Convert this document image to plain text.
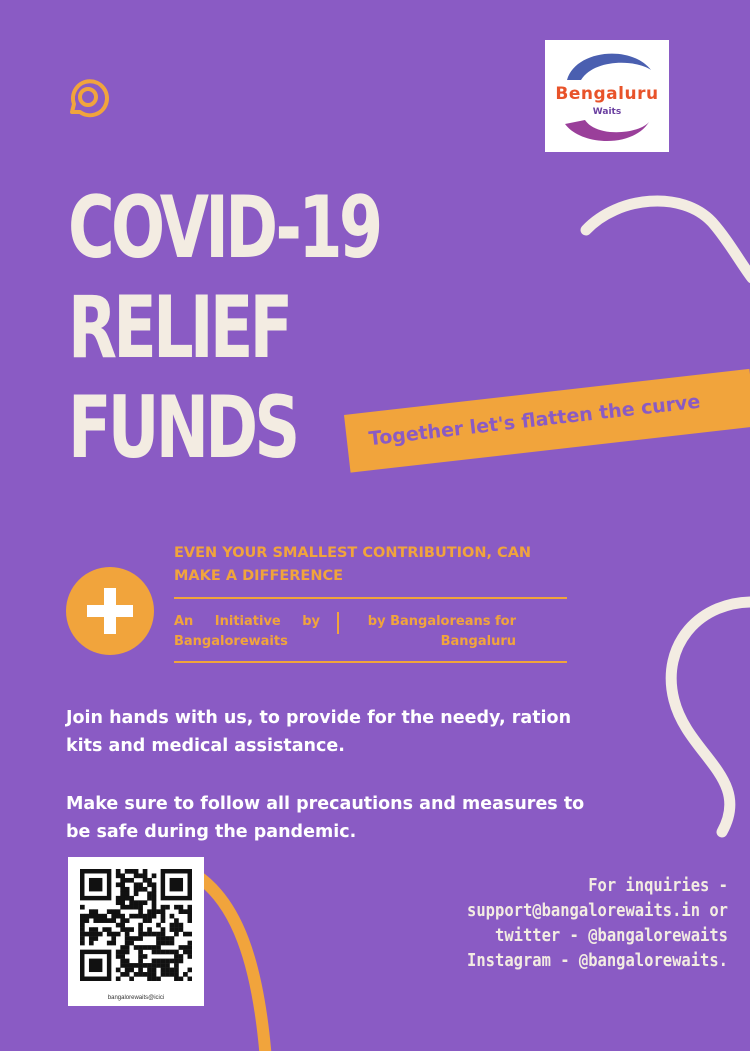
Bengaluru
Waits
COVID-19
RELIEF
FUNDS	Together let's flatten the curve
EVEN YOUR SMALLEST CONTRIBUTION, CAN MAKE A DIFFERENCE
An Initiative by Bangalorewaits
by Bangaloreans for Bangaluru
Join hands with us, to provide for the needy, ration kits and medical assistance.
Make sure to follow all precautions and measures to be safe during the pandemic.
bangalorewaits@icici
For inquiries -
support@bangalorewaits.in or
twitter - @bangalorewaits
Instagram - @bangalorewaits.
